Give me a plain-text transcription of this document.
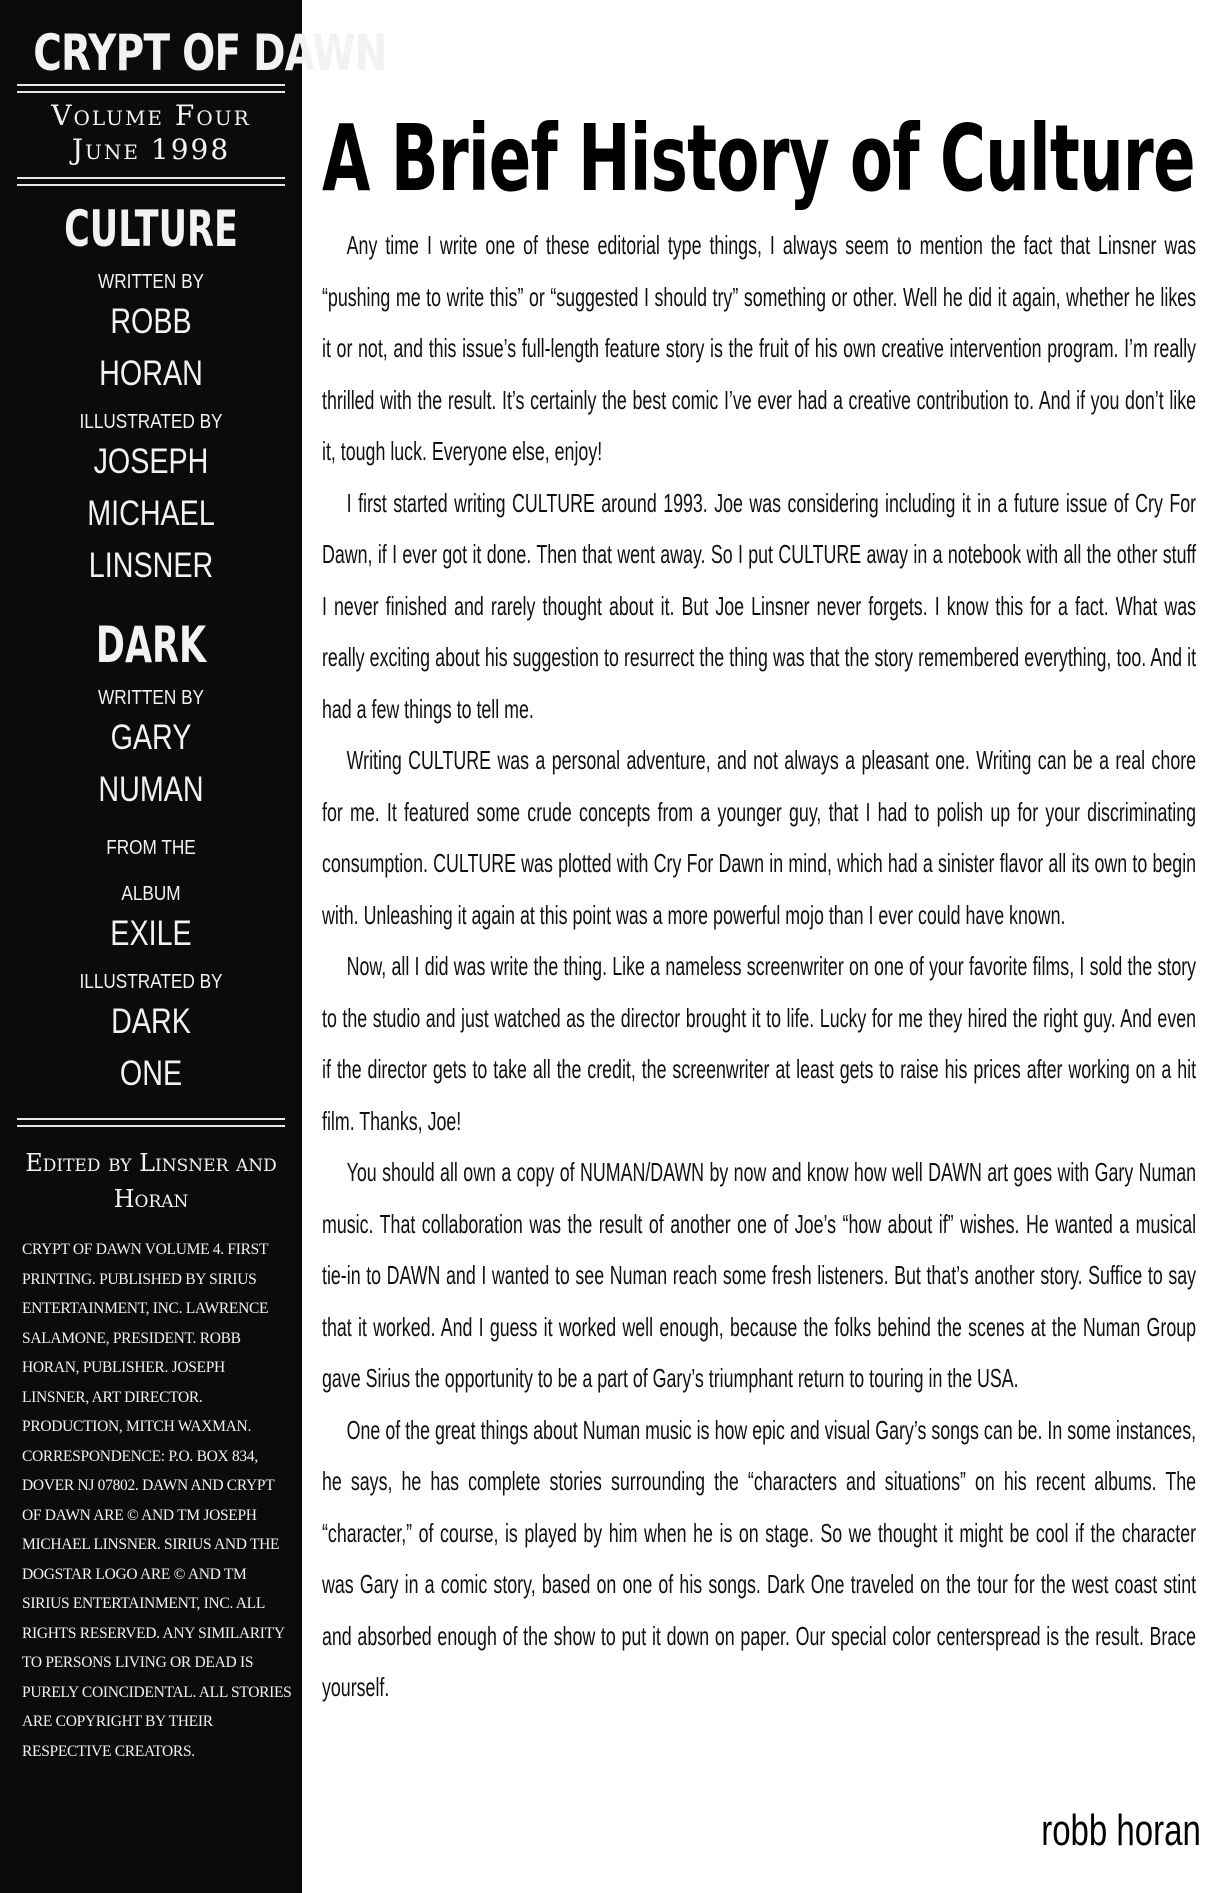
CRYPT OF DAWN
Volume Four
June 1998
CULTURE
WRITTEN BY
ROBB
HORAN
ILLUSTRATED BY
JOSEPH
MICHAEL
LINSNER
DARK
WRITTEN BY
GARY
NUMAN
FROM THE
ALBUM
EXILE
ILLUSTRATED BY
DARK
ONE
Edited by Linsner and Horan
CRYPT OF DAWN VOLUME 4. FIRST PRINTING. PUBLISHED BY SIRIUS ENTERTAINMENT, INC. LAWRENCE SALAMONE, PRESIDENT. ROBB HORAN, PUBLISHER. JOSEPH LINSNER, ART DIRECTOR. PRODUCTION, MITCH WAXMAN. CORRESPONDENCE: P.O. BOX 834, DOVER NJ 07802. DAWN AND CRYPT OF DAWN ARE © AND TM JOSEPH MICHAEL LINSNER. SIRIUS AND THE DOGSTAR LOGO ARE © AND TM SIRIUS ENTERTAINMENT, INC. ALL RIGHTS RESERVED. ANY SIMILARITY TO PERSONS LIVING OR DEAD IS PURELY COINCIDENTAL. ALL STORIES ARE COPYRIGHT BY THEIR RESPECTIVE CREATORS.
A Brief History of Culture

Any time I write one of these editorial type things, I always seem to mention the fact that Linsner was “pushing me to write this” or “suggested I should try” something or other. Well he did it again, whether he likes it or not, and this issue’s full-length feature story is the fruit of his own creative intervention program. I’m really thrilled with the result. It’s certainly the best comic I’ve ever had a creative contribution to. And if you don’t like it, tough luck. Everyone else, enjoy!

I first started writing CULTURE around 1993. Joe was considering including it in a future issue of Cry For Dawn, if I ever got it done. Then that went away. So I put CULTURE away in a notebook with all the other stuff I never finished and rarely thought about it. But Joe Linsner never forgets. I know this for a fact. What was really exciting about his suggestion to resurrect the thing was that the story remembered everything, too. And it had a few things to tell me.

Writing CULTURE was a personal adventure, and not always a pleasant one. Writing can be a real chore for me. It featured some crude concepts from a younger guy, that I had to polish up for your discriminating consumption. CULTURE was plotted with Cry For Dawn in mind, which had a sinister flavor all its own to begin with. Unleashing it again at this point was a more powerful mojo than I ever could have known.

Now, all I did was write the thing. Like a nameless screenwriter on one of your favorite films, I sold the story to the studio and just watched as the director brought it to life. Lucky for me they hired the right guy. And even if the director gets to take all the credit, the screenwriter at least gets to raise his prices after working on a hit film. Thanks, Joe!

You should all own a copy of NUMAN/DAWN by now and know how well DAWN art goes with Gary Numan music. That collaboration was the result of another one of Joe’s “how about if” wishes. He wanted a musical tie-in to DAWN and I wanted to see Numan reach some fresh listeners. But that’s another story. Suffice to say that it worked. And I guess it worked well enough, because the folks behind the scenes at the Numan Group gave Sirius the opportunity to be a part of Gary’s triumphant return to touring in the USA.

One of the great things about Numan music is how epic and visual Gary’s songs can be. In some instances, he says, he has complete stories surrounding the “characters and situations” on his recent albums. The “character,” of course, is played by him when he is on stage. So we thought it might be cool if the character was Gary in a comic story, based on one of his songs. Dark One traveled on the tour for the west coast stint and absorbed enough of the show to put it down on paper. Our special color centerspread is the result. Brace yourself.

robb horan
